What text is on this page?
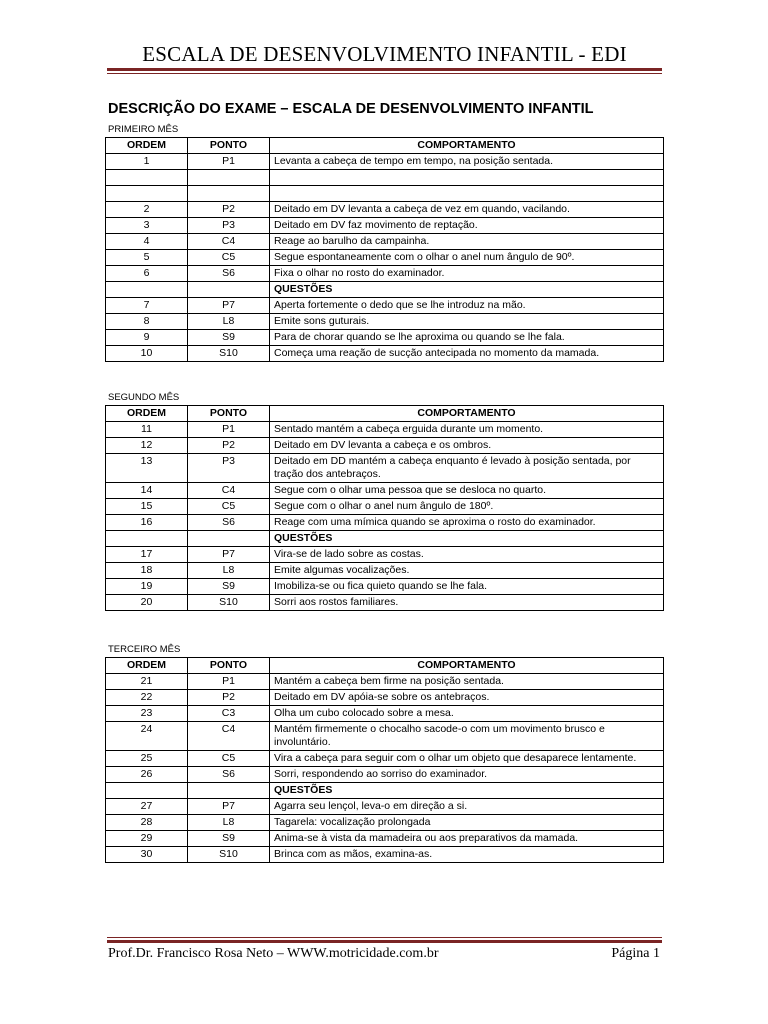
ESCALA DE DESENVOLVIMENTO INFANTIL - EDI
DESCRIÇÃO DO EXAME – ESCALA DE DESENVOLVIMENTO INFANTIL
PRIMEIRO MÊS
ORDEM	PONTO	COMPORTAMENTO
1	P1	Levanta a cabeça de tempo em tempo, na posição sentada.

2	P2	Deitado em DV levanta a cabeça de vez em quando, vacilando.
3	P3	Deitado em DV faz movimento de reptação.
4	C4	Reage ao barulho da campainha.
5	C5	Segue espontaneamente com o olhar o anel num ângulo de 90º.
6	S6	Fixa o olhar no rosto do examinador.
		QUESTÕES
7	P7	Aperta fortemente o dedo que se lhe introduz na mão.
8	L8	Emite sons guturais.
9	S9	Para de chorar quando se lhe aproxima ou quando se lhe fala.
10	S10	Começa uma reação de sucção antecipada no momento da mamada.
SEGUNDO MÊS
ORDEM	PONTO	COMPORTAMENTO
11	P1	Sentado mantém a cabeça erguida durante um momento.
12	P2	Deitado em DV levanta a cabeça e os ombros.
13	P3	Deitado em DD mantém a cabeça enquanto é levado à posição sentada, por tração dos antebraços.
14	C4	Segue com o olhar uma pessoa que se desloca no quarto.
15	C5	Segue com o olhar o anel num ângulo de 180º.
16	S6	Reage com uma mímica quando se aproxima o rosto do examinador.
		QUESTÕES
17	P7	Vira-se de lado sobre as costas.
18	L8	Emite algumas vocalizações.
19	S9	Imobiliza-se ou fica quieto quando se lhe fala.
20	S10	Sorri aos rostos familiares.
TERCEIRO MÊS
ORDEM	PONTO	COMPORTAMENTO
21	P1	Mantém a cabeça bem firme na posição sentada.
22	P2	Deitado em DV apóia-se sobre os antebraços.
23	C3	Olha um cubo colocado sobre a mesa.
24	C4	Mantém firmemente o chocalho sacode-o com um movimento brusco e involuntário.
25	C5	Vira a cabeça para seguir com o olhar um objeto que desaparece lentamente.
26	S6	Sorri, respondendo ao sorriso do examinador.
		QUESTÕES
27	P7	Agarra seu lençol, leva-o em direção a si.
28	L8	Tagarela: vocalização prolongada
29	S9	Anima-se à vista da mamadeira ou aos preparativos da mamada.
30	S10	Brinca com as mãos, examina-as.
Prof.Dr. Francisco Rosa Neto – WWW.motricidade.com.br	Página 1
